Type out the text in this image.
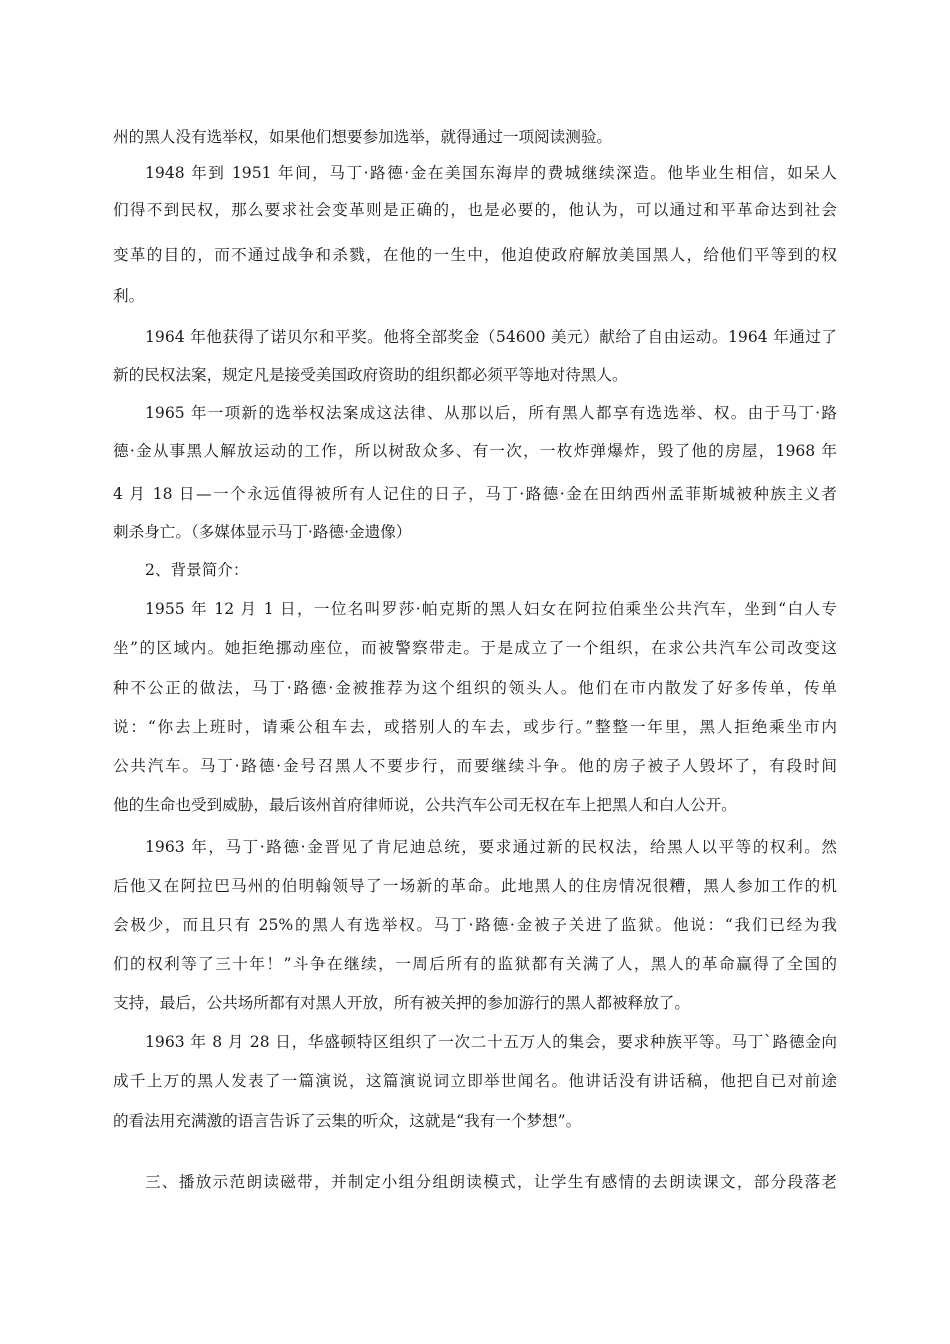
州的黑人没有选举权，如果他们想要参加选举，就得通过一项阅读测验。
1948 年到 1951 年间，马丁·路德·金在美国东海岸的费城继续深造。他毕业生相信，如呆人
们得不到民权，那么要求社会变革则是正确的，也是必要的，他认为，可以通过和平革命达到社会
变革的目的，而不通过战争和杀戮，在他的一生中，他迫使政府解放美国黑人，给他们平等到的权
利。
1964 年他获得了诺贝尔和平奖。他将全部奖金（54600 美元）献给了自由运动。1964 年通过了
新的民权法案，规定凡是接受美国政府资助的组织都必须平等地对待黑人。
1965 年一项新的选举权法案成这法律、从那以后，所有黑人都享有选选举、权。由于马丁·路
德·金从事黑人解放运动的工作，所以树敌众多、有一次，一枚炸弹爆炸，毁了他的房屋，1968 年
4 月 18 日—一个永远值得被所有人记住的日子，马丁·路德·金在田纳西州孟菲斯城被种族主义者
刺杀身亡。（多媒体显示马丁·路德·金遗像）
2、背景简介：
1955 年 12 月 1 日，一位名叫罗莎·帕克斯的黑人妇女在阿拉伯乘坐公共汽车，坐到“白人专
坐”的区域内。她拒绝挪动座位，而被警察带走。于是成立了一个组织，在求公共汽车公司改变这
种不公正的做法，马丁·路德·金被推荐为这个组织的领头人。他们在市内散发了好多传单，传单
说：“你去上班时，请乘公租车去，或搭别人的车去，或步行。”整整一年里，黑人拒绝乘坐市内
公共汽车。马丁·路德·金号召黑人不要步行，而要继续斗争。他的房子被子人毁坏了，有段时间
他的生命也受到威胁，最后该州首府律师说，公共汽车公司无权在车上把黑人和白人公开。
1963 年，马丁·路德·金晋见了肯尼迪总统，要求通过新的民权法，给黑人以平等的权利。然
后他又在阿拉巴马州的伯明翰领导了一场新的革命。此地黑人的住房情况很糟，黑人参加工作的机
会极少，而且只有 25%的黑人有选举权。马丁·路德·金被子关进了监狱。他说：“我们已经为我
们的权利等了三十年！”斗争在继续，一周后所有的监狱都有关满了人，黑人的革命赢得了全国的
支持，最后，公共场所都有对黑人开放，所有被关押的参加游行的黑人都被释放了。
1963 年 8 月 28 日，华盛顿特区组织了一次二十五万人的集会，要求种族平等。马丁`路德金向
成千上万的黑人发表了一篇演说，这篇演说词立即举世闻名。他讲话没有讲话稿，他把自已对前途
的看法用充满激的语言告诉了云集的听众，这就是“我有一个梦想”。
三、播放示范朗读磁带，并制定小组分组朗读模式，让学生有感情的去朗读课文，部分段落老
